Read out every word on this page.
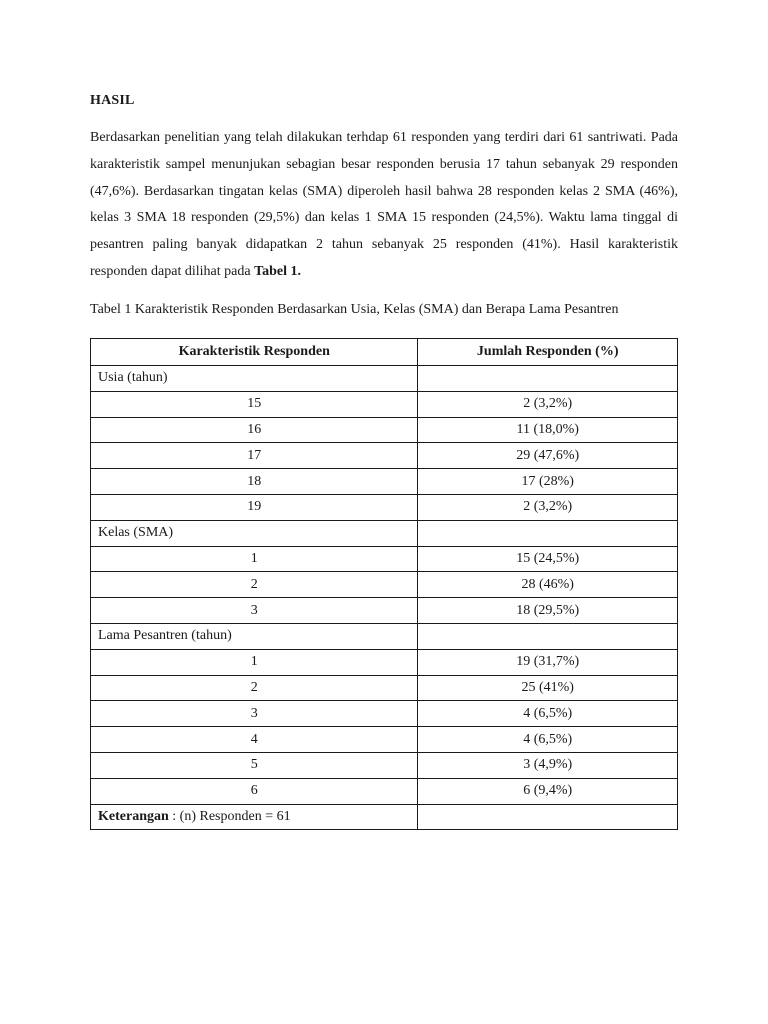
HASIL

Berdasarkan penelitian yang telah dilakukan terhdap 61 responden yang terdiri dari 61 santriwati. Pada karakteristik sampel menunjukan sebagian besar responden berusia 17 tahun sebanyak 29 responden (47,6%). Berdasarkan tingatan kelas (SMA) diperoleh hasil bahwa 28 responden kelas 2 SMA (46%), kelas 3 SMA 18 responden (29,5%) dan kelas 1 SMA 15 responden (24,5%). Waktu lama tinggal di pesantren paling banyak didapatkan 2 tahun sebanyak 25 responden (41%). Hasil karakteristik responden dapat dilihat pada Tabel 1.

Tabel 1 Karakteristik Responden Berdasarkan Usia, Kelas (SMA) dan Berapa Lama Pesantren
Karakteristik Responden	Jumlah Responden (%)
Usia (tahun)	
15	2 (3,2%)
16	11 (18,0%)
17	29 (47,6%)
18	17 (28%)
19	2 (3,2%)
Kelas (SMA)	
1	15 (24,5%)
2	28 (46%)
3	18 (29,5%)
Lama Pesantren (tahun)	
1	19 (31,7%)
2	25 (41%)
3	4 (6,5%)
4	4 (6,5%)
5	3 (4,9%)
6	6 (9,4%)
Keterangan : (n) Responden = 61	
